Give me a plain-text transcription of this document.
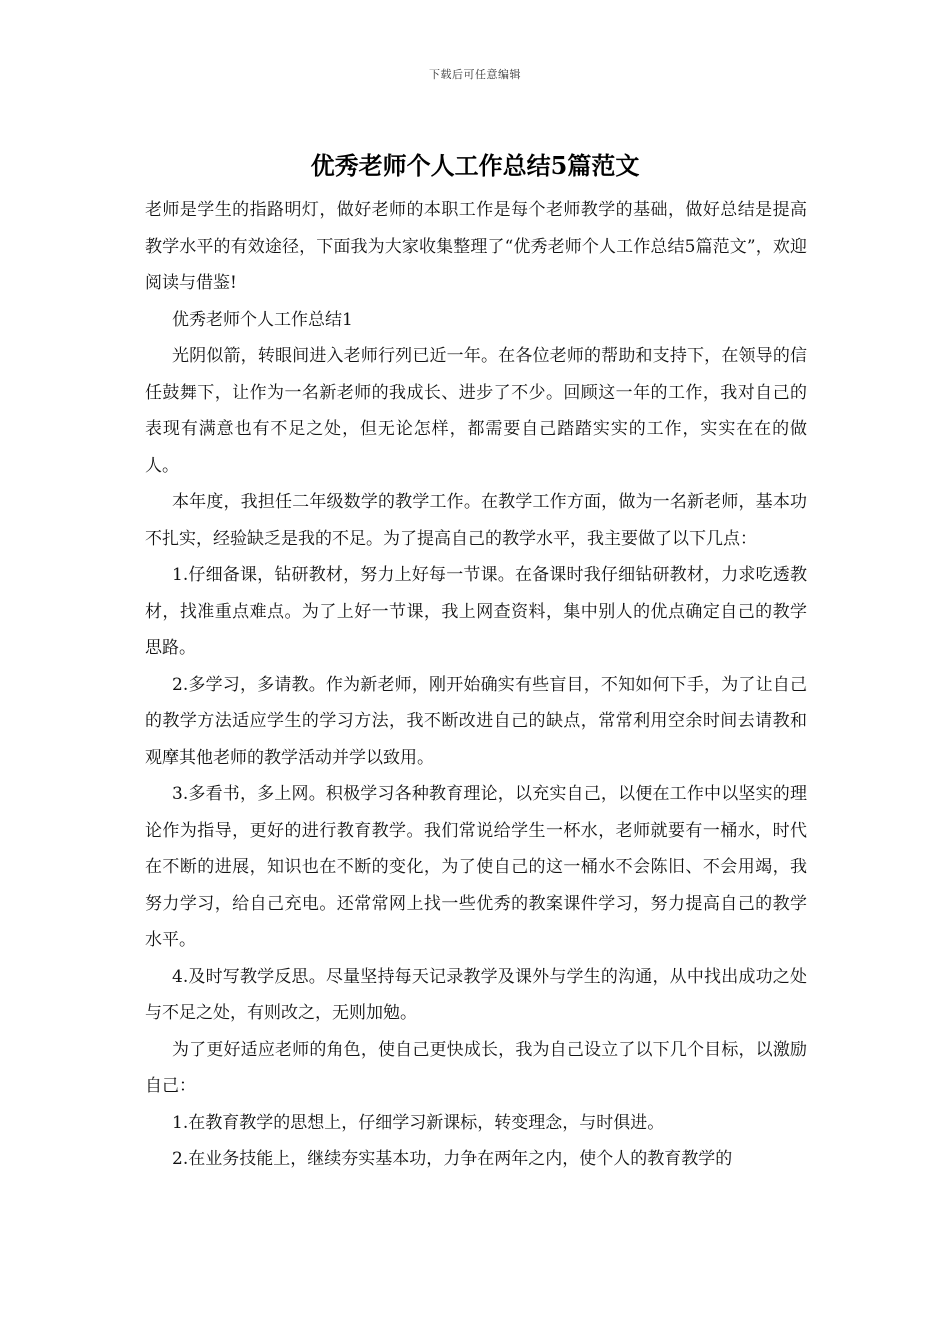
下载后可任意编辑
优秀老师个人工作总结5篇范文

老师是学生的指路明灯，做好老师的本职工作是每个老师教学的基础，做好总结是提高教学水平的有效途径，下面我为大家收集整理了“优秀老师个人工作总结5篇范文”，欢迎阅读与借鉴!

优秀老师个人工作总结1

光阴似箭，转眼间进入老师行列已近一年。在各位老师的帮助和支持下，在领导的信任鼓舞下，让作为一名新老师的我成长、进步了不少。回顾这一年的工作，我对自己的表现有满意也有不足之处，但无论怎样，都需要自己踏踏实实的工作，实实在在的做人。

本年度，我担任二年级数学的教学工作。在教学工作方面，做为一名新老师，基本功不扎实，经验缺乏是我的不足。为了提高自己的教学水平，我主要做了以下几点：

1.仔细备课，钻研教材，努力上好每一节课。在备课时我仔细钻研教材，力求吃透教材，找准重点难点。为了上好一节课，我上网查资料，集中别人的优点确定自己的教学思路。

2.多学习，多请教。作为新老师，刚开始确实有些盲目，不知如何下手，为了让自己的教学方法适应学生的学习方法，我不断改进自己的缺点，常常利用空余时间去请教和观摩其他老师的教学活动并学以致用。

3.多看书，多上网。积极学习各种教育理论，以充实自己，以便在工作中以坚实的理论作为指导，更好的进行教育教学。我们常说给学生一杯水，老师就要有一桶水，时代在不断的进展，知识也在不断的变化，为了使自己的这一桶水不会陈旧、不会用竭，我努力学习，给自己充电。还常常网上找一些优秀的教案课件学习，努力提高自己的教学水平。

4.及时写教学反思。尽量坚持每天记录教学及课外与学生的沟通，从中找出成功之处与不足之处，有则改之，无则加勉。

为了更好适应老师的角色，使自己更快成长，我为自己设立了以下几个目标，以激励自己：

1.在教育教学的思想上，仔细学习新课标，转变理念，与时俱进。

2.在业务技能上，继续夯实基本功，力争在两年之内，使个人的教育教学的
